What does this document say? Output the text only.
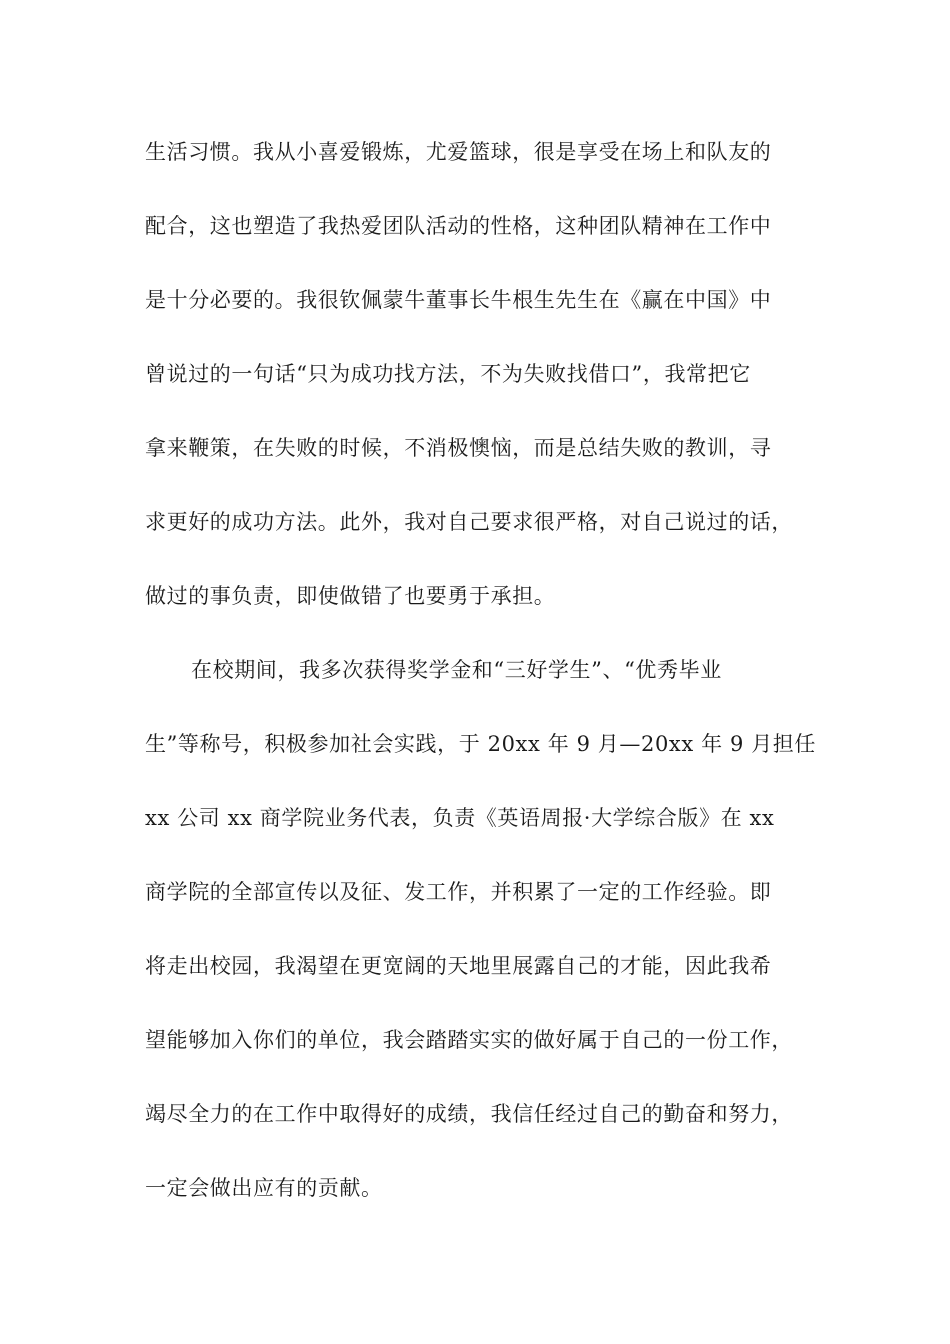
生活习惯。我从小喜爱锻炼，尤爱篮球，很是享受在场上和队友的
配合，这也塑造了我热爱团队活动的性格，这种团队精神在工作中
是十分必要的。我很钦佩蒙牛董事长牛根生先生在《赢在中国》中
曾说过的一句话“只为成功找方法，不为失败找借口”，我常把它
拿来鞭策，在失败的时候，不消极懊恼，而是总结失败的教训，寻
求更好的成功方法。此外，我对自己要求很严格，对自己说过的话，
做过的事负责，即使做错了也要勇于承担。
在校期间，我多次获得奖学金和“三好学生”、“优秀毕业
生”等称号，积极参加社会实践，于 20xx 年 9 月—20xx 年 9 月担任
xx 公司 xx 商学院业务代表，负责《英语周报·大学综合版》在 xx
商学院的全部宣传以及征、发工作，并积累了一定的工作经验。即
将走出校园，我渴望在更宽阔的天地里展露自己的才能，因此我希
望能够加入你们的单位，我会踏踏实实的做好属于自己的一份工作，
竭尽全力的在工作中取得好的成绩，我信任经过自己的勤奋和努力，
一定会做出应有的贡献。
